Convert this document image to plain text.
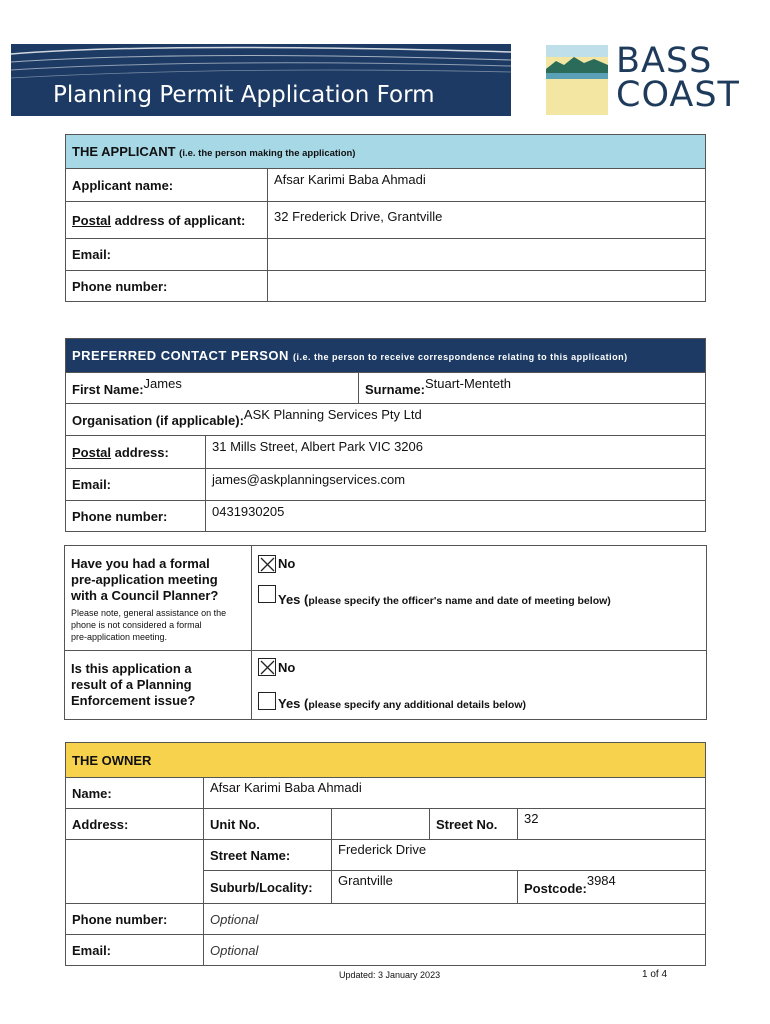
Planning Permit Application Form
BASS
COAST
THE APPLICANT (i.e. the person making the application)	
Applicant name:	Afsar Karimi Baba Ahmadi
Postal address of applicant:	32 Frederick Drive, Grantville
Email:	
Phone number:	
PREFERRED CONTACT PERSON (i.e. the person to receive correspondence relating to this application)		
First Name:James		Surname:Stuart-Menteth
Organisation (if applicable):ASK Planning Services Pty Ltd		
Postal address:	31 Mills Street, Albert Park VIC 3206	
Email:	james@askplanningservices.com	
Phone number:	0431930205	
Have you had a formal
pre-application meeting
with a Council Planner?
Please note, general assistance on the
phone is not considered a formal
pre-application meeting.
No
Yes (please specify the officer's name and date of meeting below)
Is this application a
result of a Planning
Enforcement issue?
No
Yes (please specify any additional details below)
THE OWNER				
Name:	Afsar Karimi Baba Ahmadi			
Address:	Unit No.		Street No.	32
	Street Name:	Frederick Drive		
	Suburb/Locality:	Grantville		Postcode:3984
Phone number:	Optional			
Email:	Optional			
Updated: 3 January 2023	1 of 4
